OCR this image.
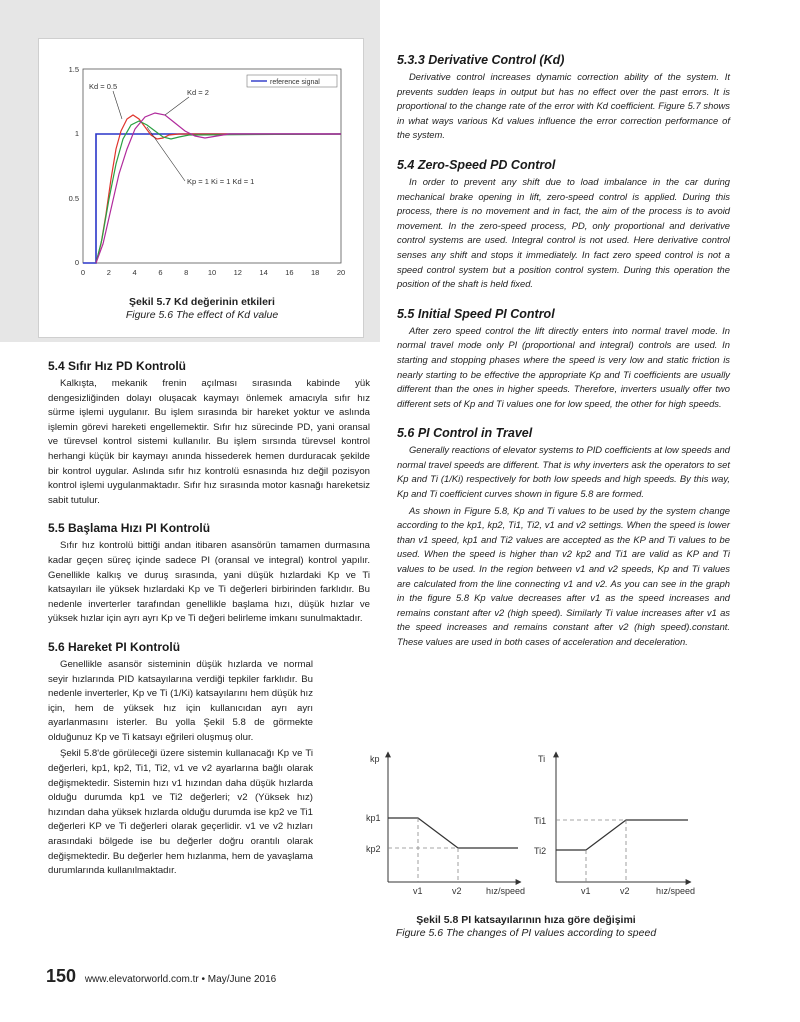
1.5
1
0.5
0
0	2	4	6	8	10 12 14 16 18 20
reference signal
Kd = 0.5
Kd = 2
Kp = 1 Ki = 1 Kd = 1
Şekil 5.7 Kd değerinin etkileri
Figure 5.6 The effect of Kd value
5.3.3 Derivative Control (Kd)

Derivative control increases dynamic correction ability of the system. It prevents sudden leaps in output but has no effect over the past errors. It is proportional to the change rate of the error with Kd coefficient. Figure 5.7 shows in what ways various Kd values influence the error correction performance of the system.

5.4 Zero-Speed PD Control

In order to prevent any shift due to load imbalance in the car during mechanical brake opening in lift, zero-speed control is applied. During this process, there is no movement and in fact, the aim of the process is to avoid movement. In the zero-speed process, PD, only proportional and derivative control systems are used. Integral control is not used. Here derivative control senses any shift and stops it immediately. In fact zero speed control is not a speed control system but a position control system. During this operation the position of the shaft is held fixed.

5.5 Initial Speed PI Control

After zero speed control the lift directly enters into normal travel mode. In normal travel mode only PI (proportional and integral) controls are used. In starting and stopping phases where the speed is very low and static friction is nearly starting to be effective the appropriate Kp and Ti coefficients are usually different than the ones in higher speeds. Therefore, inverters usually offer two different sets of Kp and Ti values one for low speed, the other for high speeds.

5.6 PI Control in Travel

Generally reactions of elevator systems to PID coefficients at low speeds and normal travel speeds are different. That is why inverters ask the operators to set Kp and Ti (1/Ki) respectively for both low speeds and high speeds. By this way, Kp and Ti coefficient curves shown in figure 5.8 are formed.

As shown in Figure 5.8, Kp and Ti values to be used by the system change according to the kp1, kp2, Ti1, Ti2, v1 and v2 settings. When the speed is lower than v1 speed, kp1 and Ti2 values are accepted as the KP and Ti values to be used. When the speed is higher than v2 kp2 and Ti1 are valid as KP and Ti values to be used. In the region between v1 and v2 speeds, Kp and Ti values are calculated from the line connecting v1 and v2. As you can see in the graph in the figure 5.8 Kp value decreases after v1 as the speed increases and remains constant after v2 (high speed). Similarly Ti value increases after v1 as the speed increases and remains constant after v2 (high speed).constant. These values are used in both cases of acceleration and deceleration.

5.4 Sıfır Hız PD Kontrolü

Kalkışta, mekanik frenin açılması sırasında kabinde yük dengesizliğinden dolayı oluşacak kaymayı önlemek amacıyla sıfır hız sürme işlemi uygulanır. Bu işlem sırasında bir hareket yoktur ve aslında işlemin görevi hareketi engellemektir. Sıfır hız sürecinde PD, yani oransal ve türevsel kontrol sistemi kullanılır. Bu işlem sırsında türevsel kontrol herhangi küçük bir kaymayı anında hissederek hemen durduracak şekilde bir kontrol uygular. Aslında sıfır hız kontrolü esnasında hız değil pozisyon kontrol işlemi uygulanmaktadır. Sıfır hız sırasında motor kasnağı hareketsiz sabit tutulur.

5.5 Başlama Hızı PI Kontrolü

Sıfır hız kontrolü bittiği andan itibaren asansörün tamamen durmasına kadar geçen süreç içinde sadece PI (oransal ve integral) kontrol yapılır. Genellikle kalkış ve duruş sırasında, yani düşük hızlardaki Kp ve Ti katsayıları ile yüksek hızlardaki Kp ve Ti değerleri birbirinden farklıdır. Bu nedenle inverterler tarafından genellikle başlama hızı, düşük hızlar ve yüksek hızlar için ayrı ayrı Kp ve Ti değeri belirleme imkanı sunulmaktadır.

5.6 Hareket PI Kontrolü

Genellikle asansör sisteminin düşük hızlarda ve normal seyir hızlarında PID katsayılarına verdiği tepkiler farklıdır. Bu nedenle inverterler, Kp ve Ti (1/Ki) katsayılarını hem düşük hız için, hem de yüksek hız için kullanıcıdan ayrı ayrı ayarlanmasını isterler. Bu yolla Şekil 5.8 de görmekte olduğunuz Kp ve Ti katsayı eğrileri oluşmuş olur.

Şekil 5.8'de görüleceği üzere sistemin kullanacağı Kp ve Ti değerleri, kp1, kp2, Ti1, Ti2, v1 ve v2 ayarlarına bağlı olarak değişmektedir. Sistemin hızı v1 hızından daha düşük hızlarda olduğu durumda kp1 ve Ti2 değerleri; v2 (Yüksek hız) hızından daha yüksek hızlarda olduğu durumda ise kp2 ve Ti1 değerleri KP ve Ti değerleri olarak geçerlidir. v1 ve v2 hızları arasındaki bölgede ise bu değerler doğru orantılı olarak değişmektedir. Bu değerler hem hızlanma, hem de yavaşlama durumlarında kullanılmaktadır.

kp
kp1
kp2
v1	v2	hız/speed
Ti
Ti1
Ti2
v1	v2	hız/speed
Şekil 5.8 PI katsayılarının hıza göre değişimi
Figure 5.6 The changes of PI values according to speed
150 www.elevatorworld.com.tr • May/June 2016
